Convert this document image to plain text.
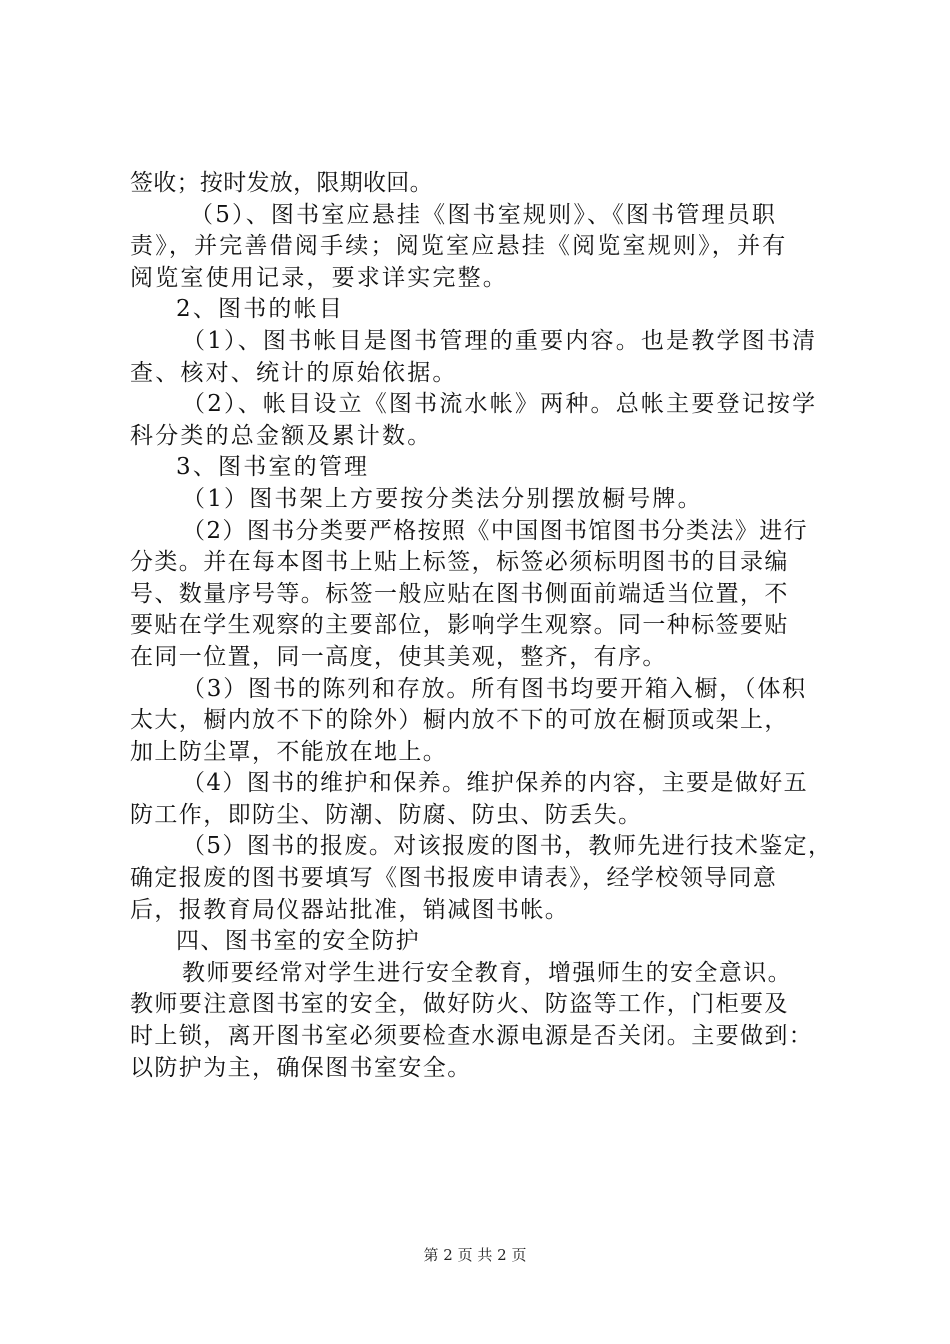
签收；按时发放，限期收回。
（5）、图书室应悬挂《图书室规则》、《图书管理员职
责》，并完善借阅手续；阅览室应悬挂《阅览室规则》，并有
阅览室使用记录，要求详实完整。
2、图书的帐目
（1）、图书帐目是图书管理的重要内容。也是教学图书清
查、核对、统计的原始依据。
（2）、帐目设立《图书流水帐》两种。总帐主要登记按学
科分类的总金额及累计数。
3、图书室的管理
（1）图书架上方要按分类法分别摆放橱号牌。
（2）图书分类要严格按照《中国图书馆图书分类法》进行
分类。并在每本图书上贴上标签，标签必须标明图书的目录编
号、数量序号等。标签一般应贴在图书侧面前端适当位置，不
要贴在学生观察的主要部位，影响学生观察。同一种标签要贴
在同一位置，同一高度，使其美观，整齐，有序。
（3）图书的陈列和存放。所有图书均要开箱入橱，（体积
太大，橱内放不下的除外）橱内放不下的可放在橱顶或架上，
加上防尘罩，不能放在地上。
（4）图书的维护和保养。维护保养的内容，主要是做好五
防工作，即防尘、防潮、防腐、防虫、防丢失。
（5）图书的报废。对该报废的图书，教师先进行技术鉴定，
确定报废的图书要填写《图书报废申请表》，经学校领导同意
后，报教育局仪器站批准，销减图书帐。
四、图书室的安全防护
教师要经常对学生进行安全教育，增强师生的安全意识。
教师要注意图书室的安全，做好防火、防盗等工作，门柜要及
时上锁，离开图书室必须要检查水源电源是否关闭。主要做到：
以防护为主，确保图书室安全。
第 2 页 共 2 页
